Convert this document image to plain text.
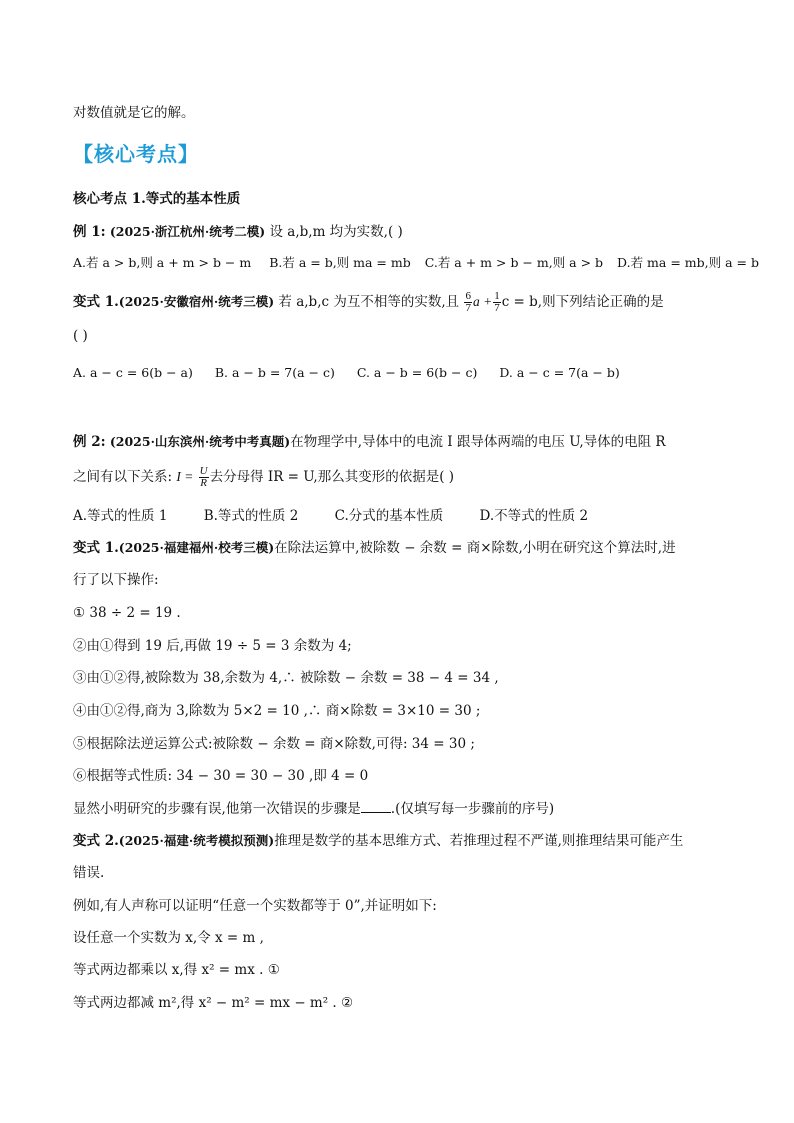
对数值就是它的解。
【核心考点】
核心考点 1.等式的基本性质
例 1: (2025·浙江杭州·统考二模) 设 a,b,m 均为实数,( )
A.若 a > b,则 a + m > b − m B.若 a = b,则 ma = mb C.若 a + m > b − m,则 a > b D.若 ma = mb,则 a = b
变式 1.(2025·安徽宿州·统考三模) 若 a,b,c 为互不相等的实数,且 $\frac{6}{7}$ $a + \frac{1}{7}$ c = b,则下列结论正确的是
( )
A. a − c = 6(b − a) B. a − b = 7(a − c) C. a − b = 6(b − c) D. a − c = 7(a − b)
例 2: (2025·山东滨州·统考中考真题)在物理学中,导体中的电流 I 跟导体两端的电压 U,导体的电阻 R
之间有以下关系: $I = \frac{U}{R}$ 去分母得 IR = U,那么其变形的依据是( )
A.等式的性质 1	B.等式的性质 2	C.分式的基本性质	D.不等式的性质 2
变式 1.(2025·福建福州·校考三模)在除法运算中,被除数 − 余数 = 商×除数,小明在研究这个算法时,进
行了以下操作:
① 38 ÷ 2 = 19 .
②由①得到 19 后,再做 19 ÷ 5 = 3 余数为 4;
③由①②得,被除数为 38,余数为 4,∴ 被除数 − 余数 = 38 − 4 = 34 ,
④由①②得,商为 3,除数为 5×2 = 10 ,∴ 商×除数 = 3×10 = 30 ;
⑤根据除法逆运算公式:被除数 − 余数 = 商×除数,可得: 34 = 30 ;
⑥根据等式性质: 34 − 30 = 30 − 30 ,即 4 = 0
显然小明研究的步骤有误,他第一次错误的步骤是 .(仅填写每一步骤前的序号)
变式 2.(2025·福建·统考模拟预测)推理是数学的基本思维方式、若推理过程不严谨,则推理结果可能产生
错误.
例如,有人声称可以证明“任意一个实数都等于 0”,并证明如下:
设任意一个实数为 x,令 x = m ,
等式两边都乘以 x,得 x² = mx . ①
等式两边都减 m²,得 x² − m² = mx − m² . ②
